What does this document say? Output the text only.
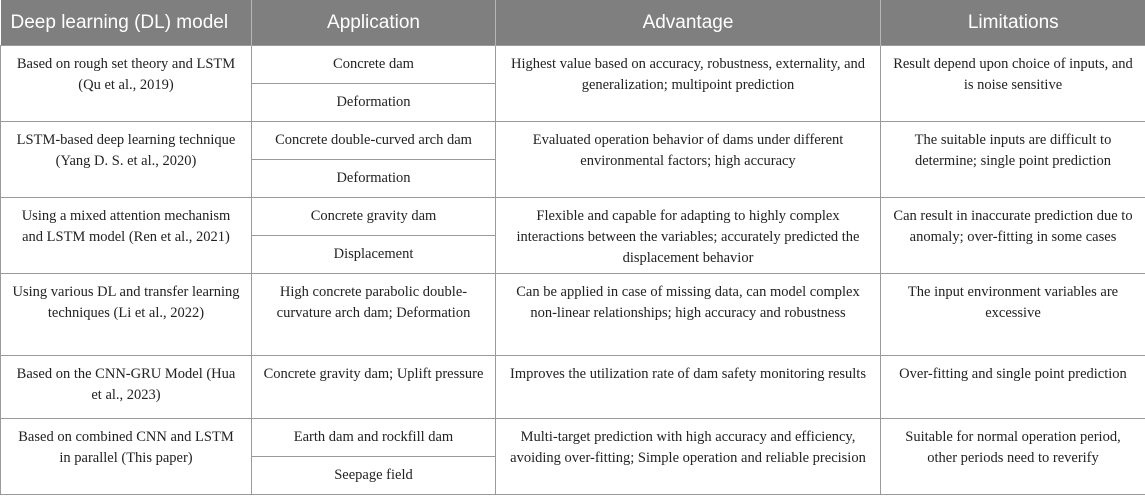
Deep learning (DL) model	Application	Advantage	Limitations
Based on rough set theory and LSTM (Qu et al., 2019)	Concrete dam	Highest value based on accuracy, robustness, externality, and generalization; multipoint prediction	Result depend upon choice of inputs, and is noise sensitive
	Deformation		
LSTM-based deep learning technique (Yang D. S. et al., 2020)	Concrete double-curved arch dam	Evaluated operation behavior of dams under different environmental factors; high accuracy	The suitable inputs are difficult to determine; single point prediction
	Deformation		
Using a mixed attention mechanism and LSTM model (Ren et al., 2021)	Concrete gravity dam	Flexible and capable for adapting to highly complex interactions between the variables; accurately predicted the displacement behavior	Can result in inaccurate prediction due to anomaly; over-fitting in some cases
	Displacement		
Using various DL and transfer learning techniques (Li et al., 2022)	High concrete parabolic double-curvature arch dam; Deformation	Can be applied in case of missing data, can model complex non-linear relationships; high accuracy and robustness	The input environment variables are excessive
Based on the CNN-GRU Model (Hua et al., 2023)	Concrete gravity dam; Uplift pressure	Improves the utilization rate of dam safety monitoring results	Over-fitting and single point prediction
Based on combined CNN and LSTM in parallel (This paper)	Earth dam and rockfill dam	Multi-target prediction with high accuracy and efficiency, avoiding over-fitting; Simple operation and reliable precision	Suitable for normal operation period, other periods need to reverify
	Seepage field		
